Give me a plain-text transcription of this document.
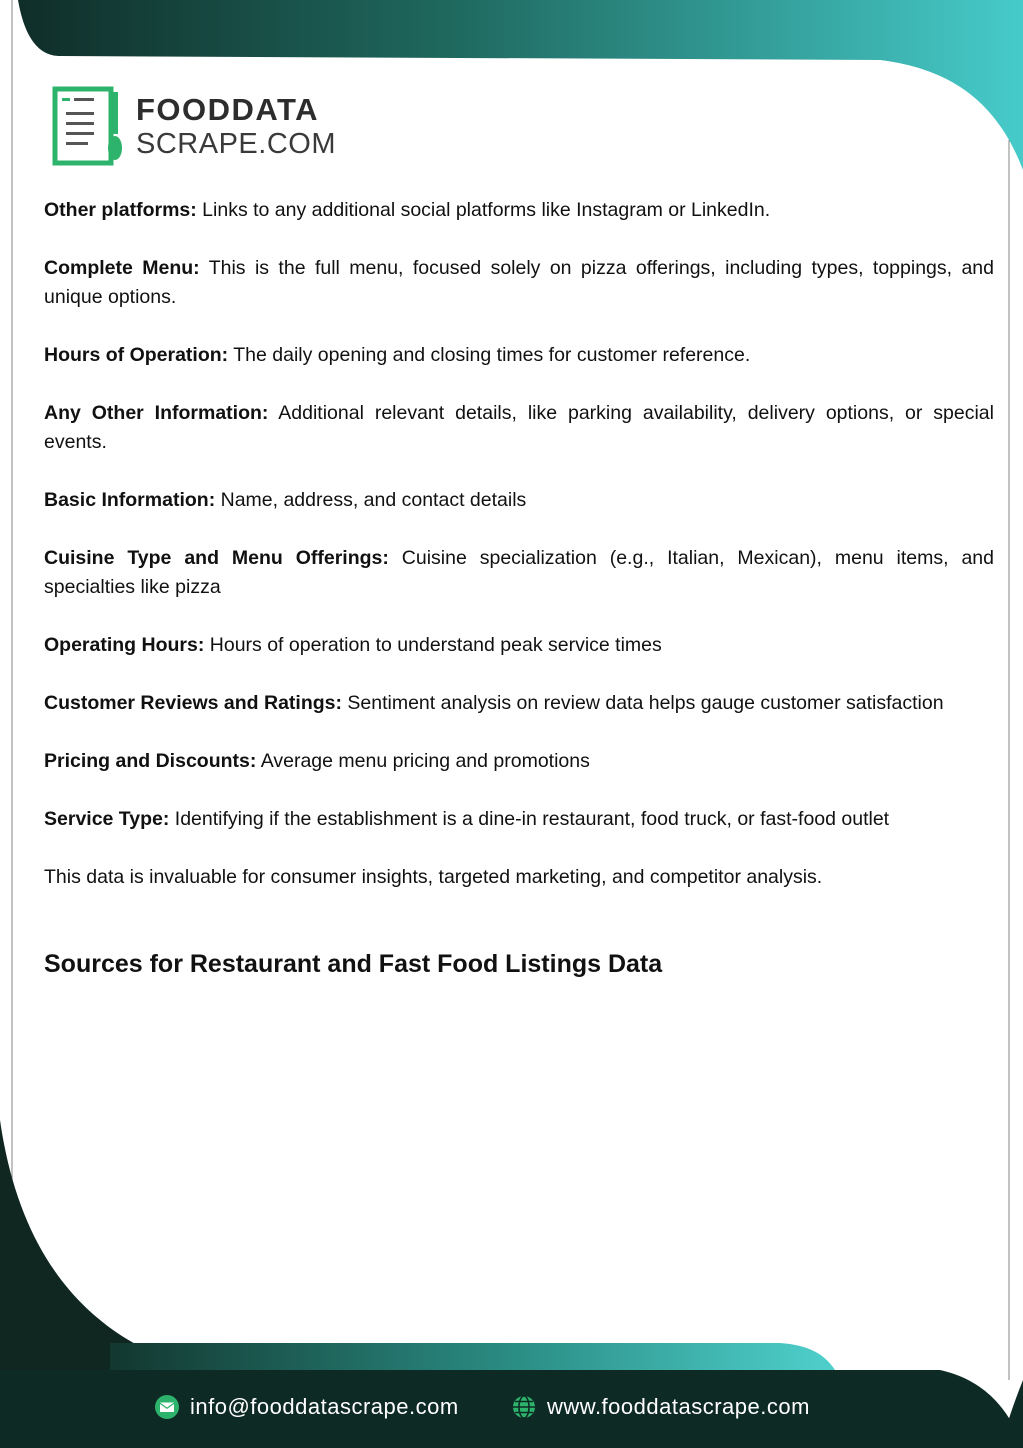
FOODDATA
SCRAPE.COM

Other platforms: Links to any additional social platforms like Instagram or LinkedIn.

Complete Menu: This is the full menu, focused solely on pizza offerings, including types, toppings, and unique options.

Hours of Operation: The daily opening and closing times for customer reference.

Any Other Information: Additional relevant details, like parking availability, delivery options, or special events.

Basic Information: Name, address, and contact details

Cuisine Type and Menu Offerings: Cuisine specialization (e.g., Italian, Mexican), menu items, and specialties like pizza

Operating Hours: Hours of operation to understand peak service times

Customer Reviews and Ratings: Sentiment analysis on review data helps gauge customer satisfaction

Pricing and Discounts: Average menu pricing and promotions

Service Type: Identifying if the establishment is a dine-in restaurant, food truck, or fast-food outlet

This data is invaluable for consumer insights, targeted marketing, and competitor analysis.

Sources for Restaurant and Fast Food Listings Data
info@fooddatascrape.com	www.fooddatascrape.com
